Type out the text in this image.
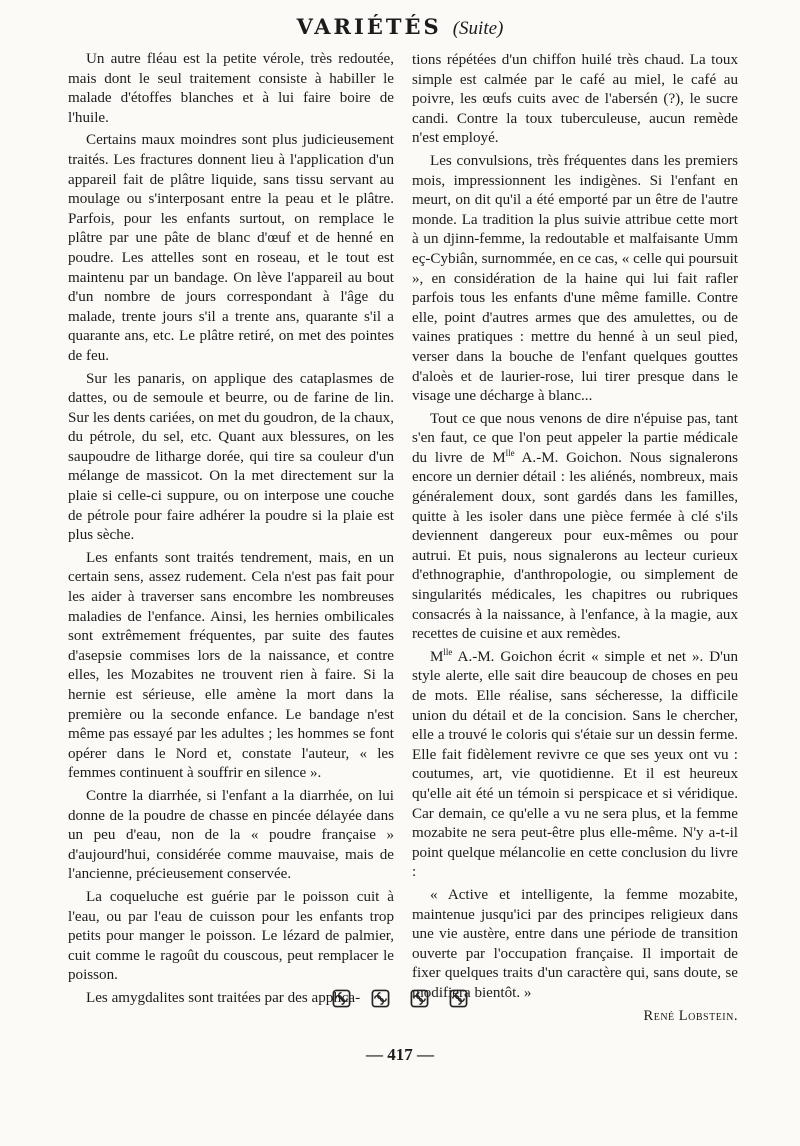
VARIÉTÉS (Suite)

Un autre fléau est la petite vérole, très redoutée, mais dont le seul traitement consiste à habiller le malade d'étoffes blanches et à lui faire boire de l'huile.

Certains maux moindres sont plus judicieusement traités. Les fractures donnent lieu à l'application d'un appareil fait de plâtre liquide, sans tissu servant au moulage ou s'interposant entre la peau et le plâtre. Parfois, pour les enfants surtout, on remplace le plâtre par une pâte de blanc d'œuf et de henné en poudre. Les attelles sont en roseau, et le tout est maintenu par un bandage. On lève l'appareil au bout d'un nombre de jours correspondant à l'âge du malade, trente jours s'il a trente ans, quarante s'il a quarante ans, etc. Le plâtre retiré, on met des pointes de feu.

Sur les panaris, on applique des cataplasmes de dattes, ou de semoule et beurre, ou de farine de lin. Sur les dents cariées, on met du goudron, de la chaux, du pétrole, du sel, etc. Quant aux blessures, on les saupoudre de litharge dorée, qui tire sa couleur d'un mélange de massicot. On la met directement sur la plaie si celle-ci suppure, ou on interpose une couche de pétrole pour faire adhérer la poudre si la plaie est plus sèche.

Les enfants sont traités tendrement, mais, en un certain sens, assez rudement. Cela n'est pas fait pour les aider à traverser sans encombre les nombreuses maladies de l'enfance. Ainsi, les hernies ombilicales sont extrêmement fréquentes, par suite des fautes d'asepsie commises lors de la naissance, et contre elles, les Mozabites ne trouvent rien à faire. Si la hernie est sérieuse, elle amène la mort dans la première ou la seconde enfance. Le bandage n'est même pas essayé par les adultes ; les hommes se font opérer dans le Nord et, constate l'auteur, « les femmes continuent à souffrir en silence ».

Contre la diarrhée, si l'enfant a la diarrhée, on lui donne de la poudre de chasse en pincée délayée dans un peu d'eau, non de la « poudre française » d'aujourd'hui, considérée comme mauvaise, mais de l'ancienne, précieusement conservée.

La coqueluche est guérie par le poisson cuit à l'eau, ou par l'eau de cuisson pour les enfants trop petits pour manger le poisson. Le lézard de palmier, cuit comme le ragoût du couscous, peut remplacer le poisson.

Les amygdalites sont traitées par des applica-

tions répétées d'un chiffon huilé très chaud. La toux simple est calmée par le café au miel, le café au poivre, les œufs cuits avec de l'abersén (?), le sucre candi. Contre la toux tuberculeuse, aucun remède n'est employé.

Les convulsions, très fréquentes dans les premiers mois, impressionnent les indigènes. Si l'enfant en meurt, on dit qu'il a été emporté par un être de l'autre monde. La tradition la plus suivie attribue cette mort à un djinn-femme, la redoutable et malfaisante Umm eç-Cybiân, surnommée, en ce cas, « celle qui poursuit », en considération de la haine qui lui fait rafler parfois tous les enfants d'une même famille. Contre elle, point d'autres armes que des amulettes, ou de vaines pratiques : mettre du henné à un seul pied, verser dans la bouche de l'enfant quelques gouttes d'aloès et de laurier-rose, lui tirer presque dans le visage une décharge à blanc...

Tout ce que nous venons de dire n'épuise pas, tant s'en faut, ce que l'on peut appeler la partie médicale du livre de $M^{lle}$ A.-M. Goichon. Nous signalerons encore un dernier détail : les aliénés, nombreux, mais généralement doux, sont gardés dans les familles, quitte à les isoler dans une pièce fermée à clé s'ils deviennent dangereux pour eux-mêmes ou pour autrui. Et puis, nous signalerons au lecteur curieux d'ethnographie, d'anthropologie, ou simplement de singularités médicales, les chapitres ou rubriques consacrés à la naissance, à l'enfance, à la magie, aux recettes de cuisine et aux remèdes.

$M^{lle}$ A.-M. Goichon écrit « simple et net ». D'un style alerte, elle sait dire beaucoup de choses en peu de mots. Elle réalise, sans sécheresse, la difficile union du détail et de la concision. Sans le chercher, elle a trouvé le coloris qui s'étaie sur un dessin ferme. Elle fait fidèlement revivre ce que ses yeux ont vu : coutumes, art, vie quotidienne. Et il est heureux qu'elle ait été un témoin si perspicace et si véridique. Car demain, ce qu'elle a vu ne sera plus, et la femme mozabite ne sera peut-être plus elle-même. N'y a-t-il point quelque mélancolie en cette conclusion du livre :

« Active et intelligente, la femme mozabite, maintenue jusqu'ici par des principes religieux dans une vie austère, entre dans une période de transition ouverte par l'occupation française. Il importait de fixer quelques traits d'un caractère qui, sans doute, se modifiera bientôt. »

René Lobstein.
— 417 —
